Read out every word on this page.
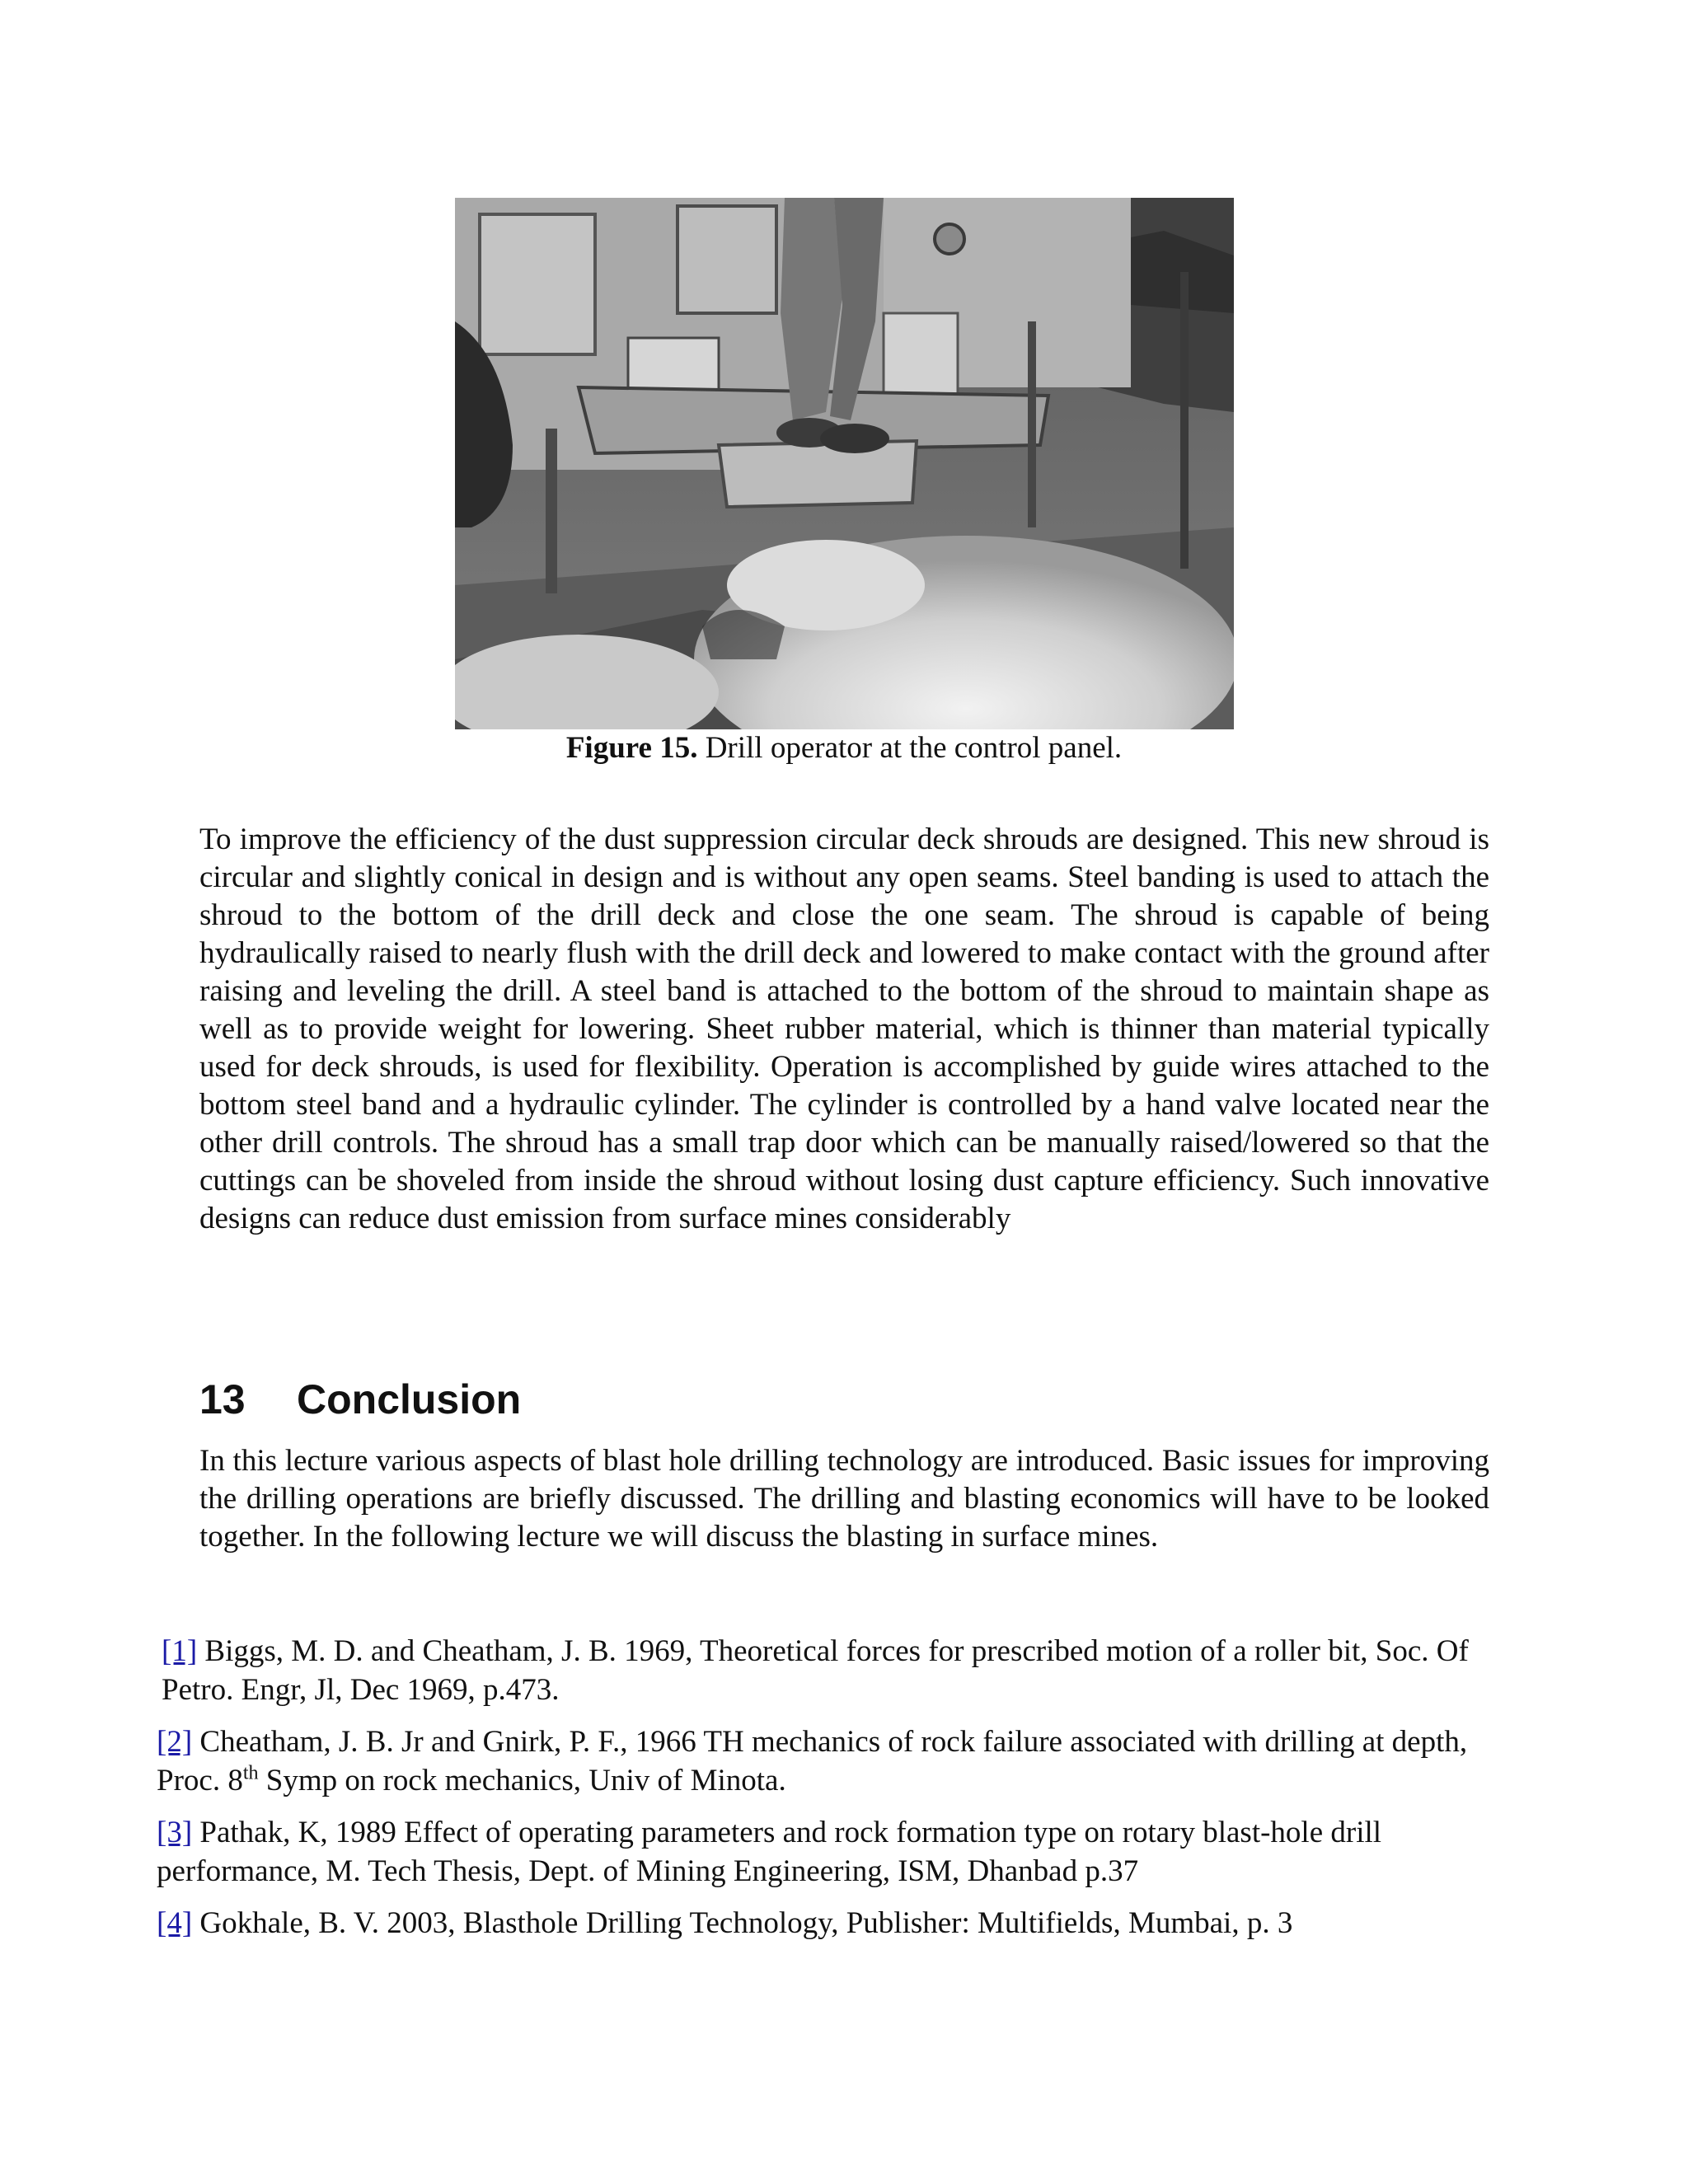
Figure 15. Drill operator at the control panel.

To improve the efficiency of the dust suppression circular deck shrouds are designed. This new shroud is circular and slightly conical in design and is without any open seams. Steel banding is used to attach the shroud to the bottom of the drill deck and close the one seam. The shroud is capable of being hydraulically raised to nearly flush with the drill deck and lowered to make contact with the ground after raising and leveling the drill. A steel band is attached to the bottom of the shroud to maintain shape as well as to provide weight for lowering. Sheet rubber material, which is thinner than material typically used for deck shrouds, is used for flexibility. Operation is accomplished by guide wires attached to the bottom steel band and a hydraulic cylinder. The cylinder is controlled by a hand valve located near the other drill controls. The shroud has a small trap door which can be manually raised/lowered so that the cuttings can be shoveled from inside the shroud without losing dust capture efficiency. Such innovative designs can reduce dust emission from surface mines considerably

13 Conclusion

In this lecture various aspects of blast hole drilling technology are introduced. Basic issues for improving the drilling operations are briefly discussed. The drilling and blasting economics will have to be looked together. In the following lecture we will discuss the blasting in surface mines.

[1] Biggs, M. D. and Cheatham, J. B. 1969, Theoretical forces for prescribed motion of a roller bit, Soc. Of Petro. Engr, Jl, Dec 1969, p.473.

[2] Cheatham, J. B. Jr and Gnirk, P. F., 1966 TH mechanics of rock failure associated with drilling at depth, Proc. 8th Symp on rock mechanics, Univ of Minota.

[3] Pathak, K, 1989 Effect of operating parameters and rock formation type on rotary blast-hole drill performance, M. Tech Thesis, Dept. of Mining Engineering, ISM, Dhanbad p.37

[4] Gokhale, B. V. 2003, Blasthole Drilling Technology, Publisher: Multifields, Mumbai, p. 3
